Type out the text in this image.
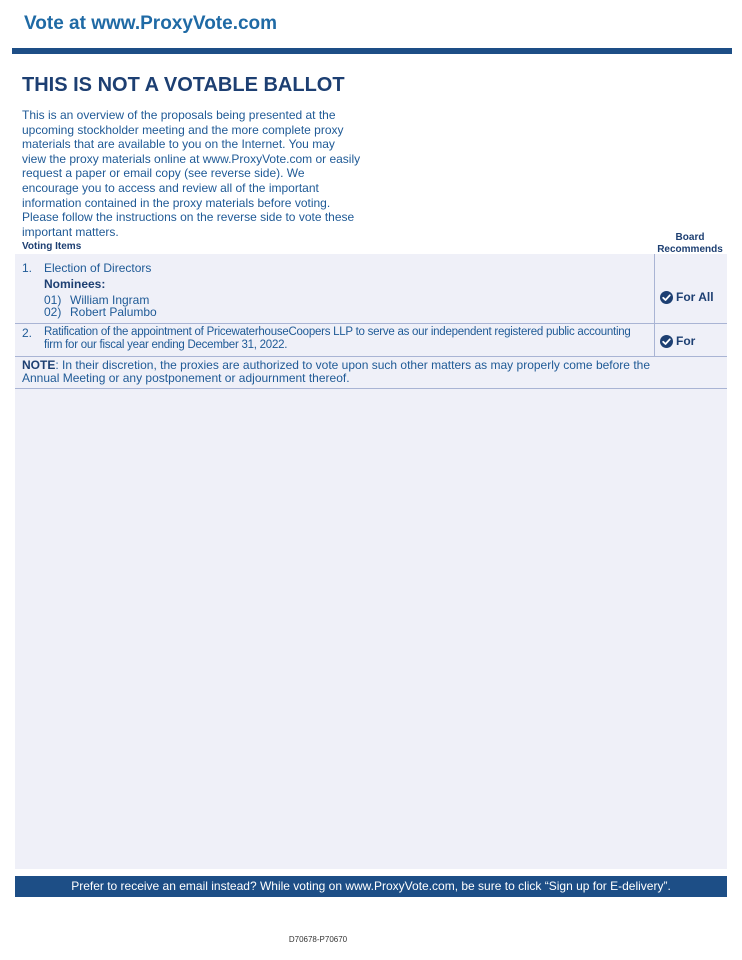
Vote at www.ProxyVote.com
THIS IS NOT A VOTABLE BALLOT
This is an overview of the proposals being presented at the upcoming stockholder meeting and the more complete proxy materials that are available to you on the Internet. You may view the proxy materials online at www.ProxyVote.com or easily request a paper or email copy (see reverse side). We encourage you to access and review all of the important information contained in the proxy materials before voting. Please follow the instructions on the reverse side to vote these important matters.
Voting Items
Board
Recommends
1. Election of Directors
Nominees:
01) William Ingram
02) Robert Palumbo
For All
2. Ratification of the appointment of PricewaterhouseCoopers LLP to serve as our independent registered public accounting firm for our fiscal year ending December 31, 2022.	For
NOTE: In their discretion, the proxies are authorized to vote upon such other matters as may properly come before the Annual Meeting or any postponement or adjournment thereof.
Prefer to receive an email instead? While voting on www.ProxyVote.com, be sure to click “Sign up for E-delivery”.
D70678-P70670
